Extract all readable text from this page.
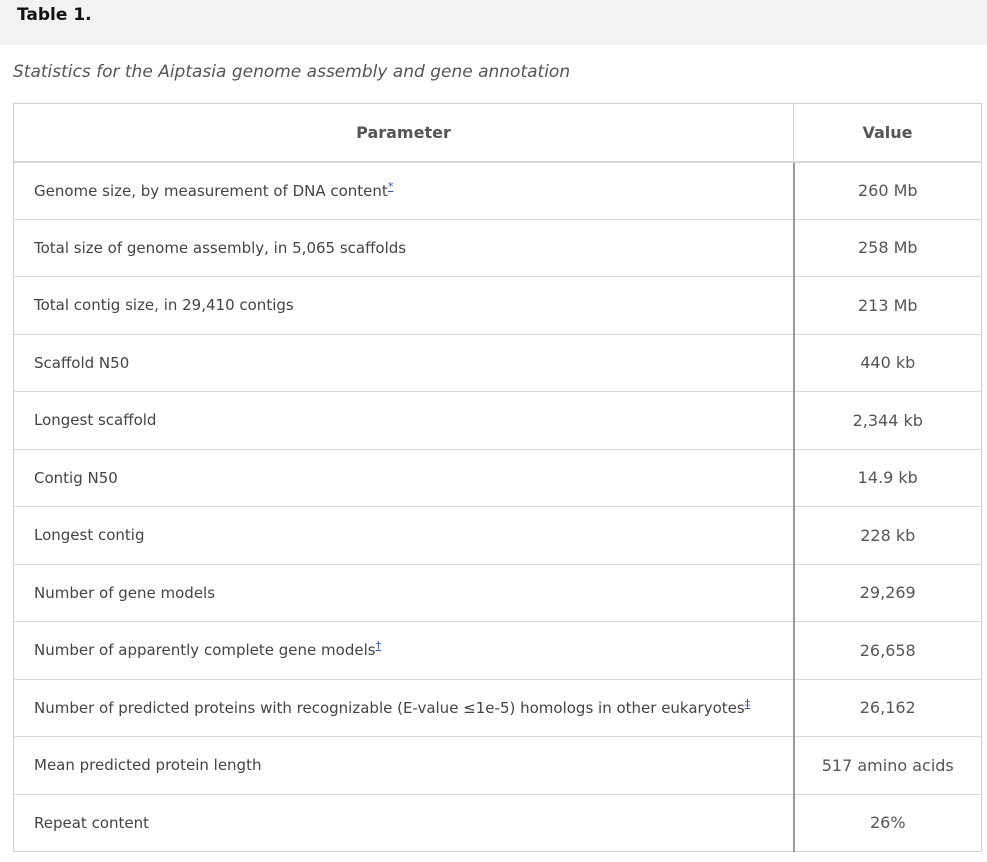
Table 1.
Statistics for the Aiptasia genome assembly and gene annotation
Parameter	Value
Genome size, by measurement of DNA content*	260 Mb
Total size of genome assembly, in 5,065 scaffolds	258 Mb
Total contig size, in 29,410 contigs	213 Mb
Scaffold N50	440 kb
Longest scaffold	2,344 kb
Contig N50	14.9 kb
Longest contig	228 kb
Number of gene models	29,269
Number of apparently complete gene models†	26,658
Number of predicted proteins with recognizable (E-value ≤1e-5) homologs in other eukaryotes‡	26,162
Mean predicted protein length	517 amino acids
Repeat content	26%
